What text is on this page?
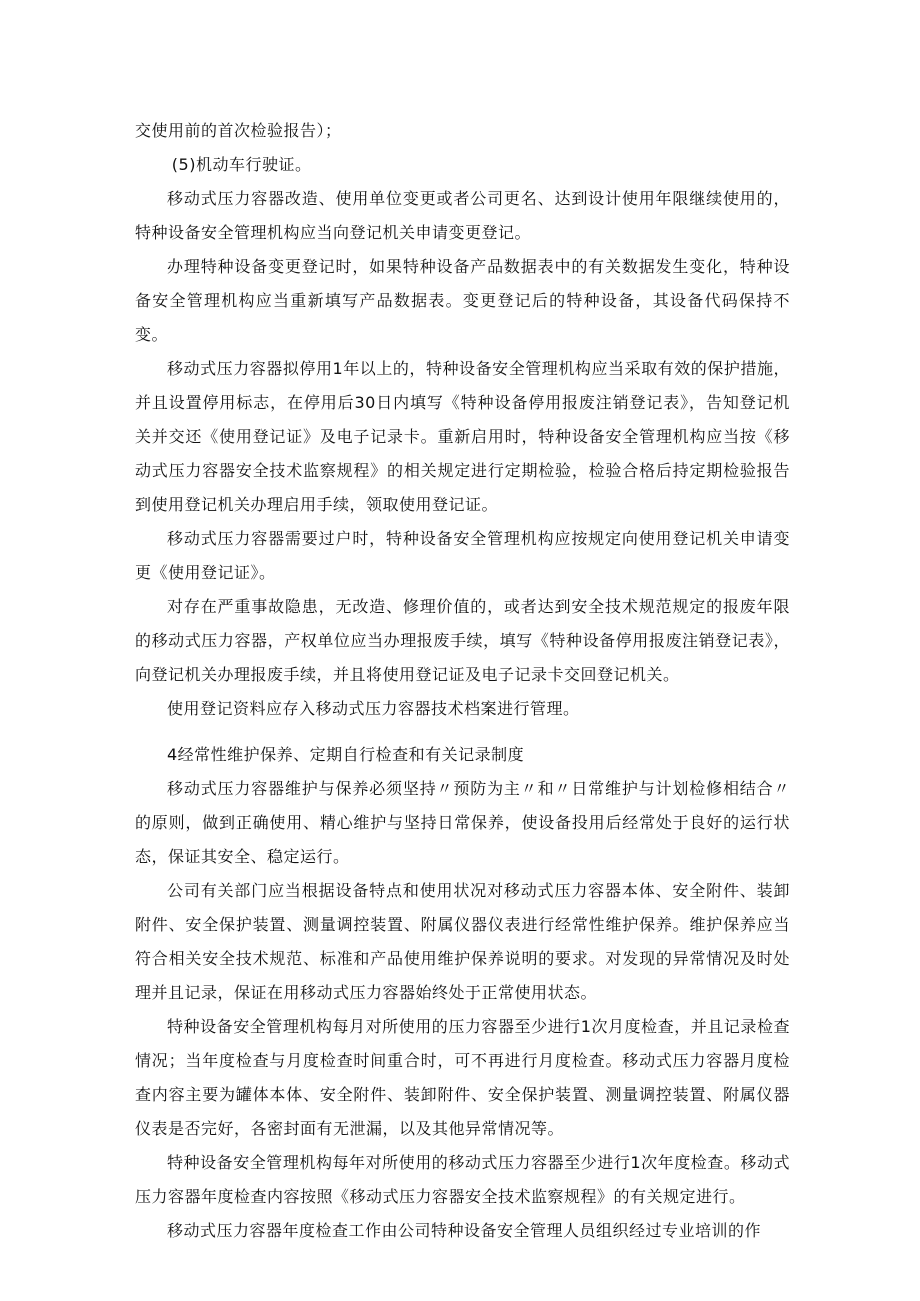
交使用前的首次检验报告）；

(5)机动车行驶证。

移动式压力容器改造、使用单位变更或者公司更名、达到设计使用年限继续使用的，特种设备安全管理机构应当向登记机关申请变更登记。

办理特种设备变更登记时，如果特种设备产品数据表中的有关数据发生变化，特种设备安全管理机构应当重新填写产品数据表。变更登记后的特种设备，其设备代码保持不变。

移动式压力容器拟停用1年以上的，特种设备安全管理机构应当采取有效的保护措施，并且设置停用标志，在停用后30日内填写《特种设备停用报废注销登记表》，告知登记机关并交还《使用登记证》及电子记录卡。重新启用时，特种设备安全管理机构应当按《移动式压力容器安全技术监察规程》的相关规定进行定期检验，检验合格后持定期检验报告到使用登记机关办理启用手续，领取使用登记证。

移动式压力容器需要过户时，特种设备安全管理机构应按规定向使用登记机关申请变更《使用登记证》。

对存在严重事故隐患，无改造、修理价值的，或者达到安全技术规范规定的报废年限的移动式压力容器，产权单位应当办理报废手续，填写《特种设备停用报废注销登记表》，向登记机关办理报废手续，并且将使用登记证及电子记录卡交回登记机关。

使用登记资料应存入移动式压力容器技术档案进行管理。

4经常性维护保养、定期自行检查和有关记录制度

移动式压力容器维护与保养必须坚持〃预防为主〃和〃日常维护与计划检修相结合〃的原则，做到正确使用、精心维护与坚持日常保养，使设备投用后经常处于良好的运行状态，保证其安全、稳定运行。

公司有关部门应当根据设备特点和使用状况对移动式压力容器本体、安全附件、装卸附件、安全保护装置、测量调控装置、附属仪器仪表进行经常性维护保养。维护保养应当符合相关安全技术规范、标准和产品使用维护保养说明的要求。对发现的异常情况及时处理并且记录，保证在用移动式压力容器始终处于正常使用状态。

特种设备安全管理机构每月对所使用的压力容器至少进行1次月度检查，并且记录检查情况；当年度检查与月度检查时间重合时，可不再进行月度检查。移动式压力容器月度检查内容主要为罐体本体、安全附件、装卸附件、安全保护装置、测量调控装置、附属仪器仪表是否完好，各密封面有无泄漏，以及其他异常情况等。

特种设备安全管理机构每年对所使用的移动式压力容器至少进行1次年度检查。移动式压力容器年度检查内容按照《移动式压力容器安全技术监察规程》的有关规定进行。

移动式压力容器年度检查工作由公司特种设备安全管理人员组织经过专业培训的作
